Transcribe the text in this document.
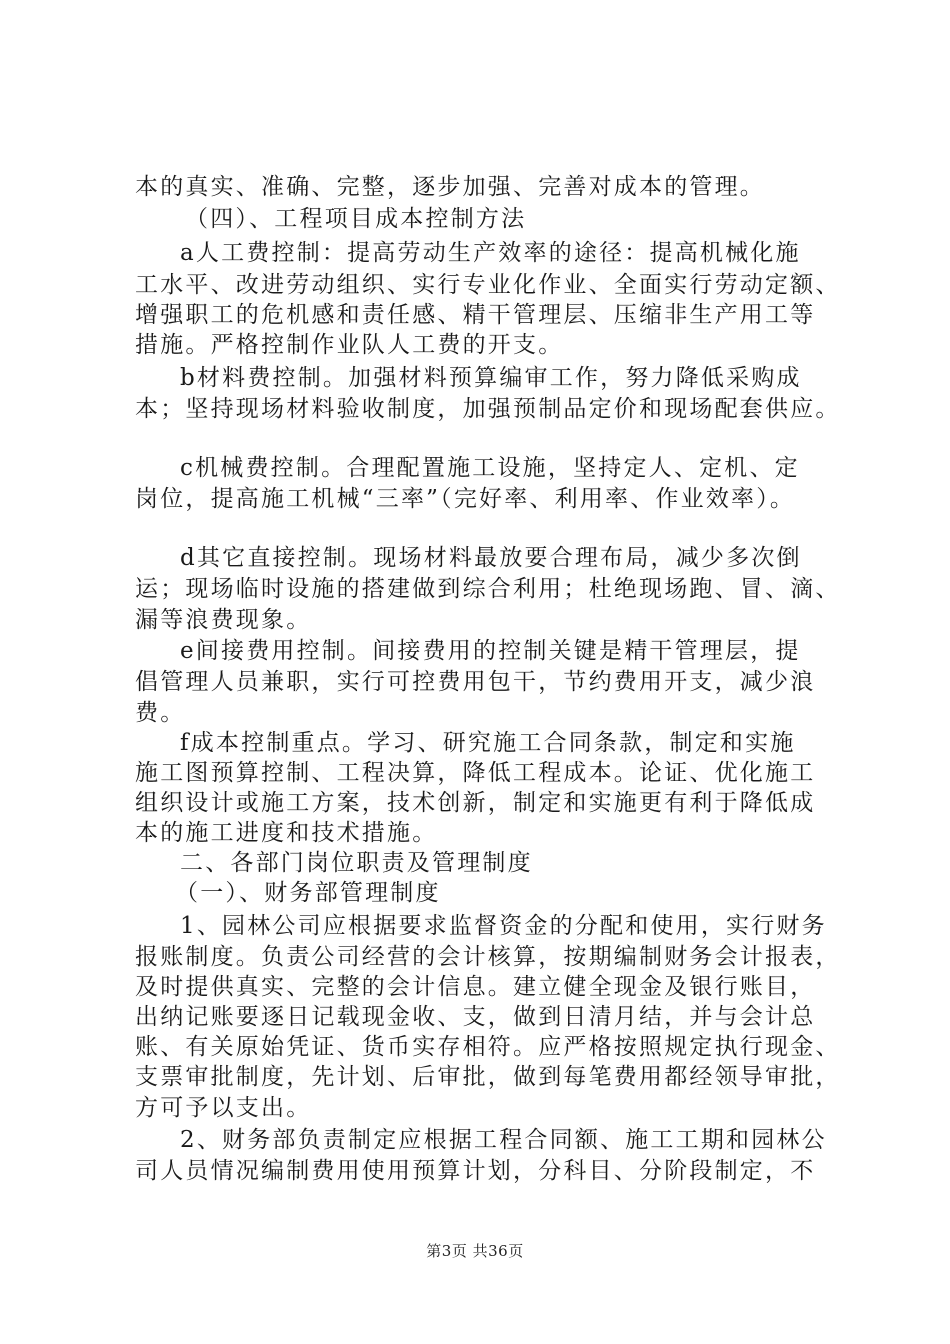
本的真实、准确、完整，逐步加强、完善对成本的管理。
（四）、工程项目成本控制方法
a人工费控制：提高劳动生产效率的途径：提高机械化施
工水平、改进劳动组织、实行专业化作业、全面实行劳动定额、
增强职工的危机感和责任感、精干管理层、压缩非生产用工等
措施。严格控制作业队人工费的开支。
b材料费控制。加强材料预算编审工作，努力降低采购成
本；坚持现场材料验收制度，加强预制品定价和现场配套供应。
c机械费控制。合理配置施工设施，坚持定人、定机、定
岗位，提高施工机械“三率”（完好率、利用率、作业效率）。
d其它直接控制。现场材料最放要合理布局，减少多次倒
运；现场临时设施的搭建做到综合利用；杜绝现场跑、冒、滴、
漏等浪费现象。
e间接费用控制。间接费用的控制关键是精干管理层，提
倡管理人员兼职，实行可控费用包干，节约费用开支，减少浪
费。
f成本控制重点。学习、研究施工合同条款，制定和实施
施工图预算控制、工程决算，降低工程成本。论证、优化施工
组织设计或施工方案，技术创新，制定和实施更有利于降低成
本的施工进度和技术措施。
二、各部门岗位职责及管理制度
（一）、财务部管理制度
1、园林公司应根据要求监督资金的分配和使用，实行财务
报账制度。负责公司经营的会计核算，按期编制财务会计报表，
及时提供真实、完整的会计信息。建立健全现金及银行账目，
出纳记账要逐日记载现金收、支，做到日清月结，并与会计总
账、有关原始凭证、货币实存相符。应严格按照规定执行现金、
支票审批制度，先计划、后审批，做到每笔费用都经领导审批，
方可予以支出。
2、财务部负责制定应根据工程合同额、施工工期和园林公
司人员情况编制费用使用预算计划，分科目、分阶段制定，不
第3页 共36页
